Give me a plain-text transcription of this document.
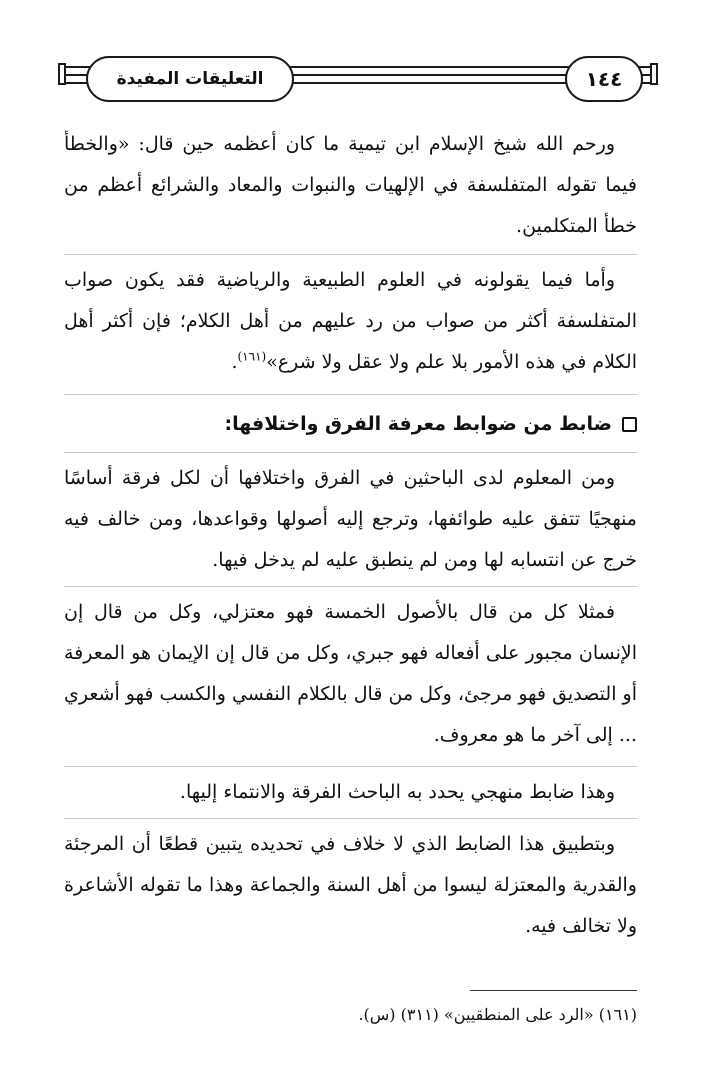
التعليقات المفيدة	١٤٤
ورحم الله شيخ الإسلام ابن تيمية ما كان أعظمه حين قال: «والخطأ فيما تقوله المتفلسفة في الإلهيات والنبوات والمعاد والشرائع أعظم من خطأ المتكلمين.
وأما فيما يقولونه في العلوم الطبيعية والرياضية فقد يكون صواب المتفلسفة أكثر من صواب من رد عليهم من أهل الكلام؛ فإن أكثر أهل الكلام في هذه الأمور بلا علم ولا عقل ولا شرع»$^{(١٦١)}$.
ضابط من ضوابط معرفة الفرق واختلافها:
ومن المعلوم لدى الباحثين في الفرق واختلافها أن لكل فرقة أساسًا منهجيًا تتفق عليه طوائفها، وترجع إليه أصولها وقواعدها، ومن خالف فيه خرج عن انتسابه لها ومن لم ينطبق عليه لم يدخل فيها.
فمثلا كل من قال بالأصول الخمسة فهو معتزلي، وكل من قال إن الإنسان مجبور على أفعاله فهو جبري، وكل من قال إن الإيمان هو المعرفة أو التصديق فهو مرجئ، وكل من قال بالكلام النفسي والكسب فهو أشعري ... إلى آخر ما هو معروف.
وهذا ضابط منهجي يحدد به الباحث الفرقة والانتماء إليها.
وبتطبيق هذا الضابط الذي لا خلاف في تحديده يتبين قطعًا أن المرجئة والقدرية والمعتزلة ليسوا من أهل السنة والجماعة وهذا ما تقوله الأشاعرة ولا تخالف فيه.
(١٦١) «الرد على المنطقيين» (٣١١) (س).
